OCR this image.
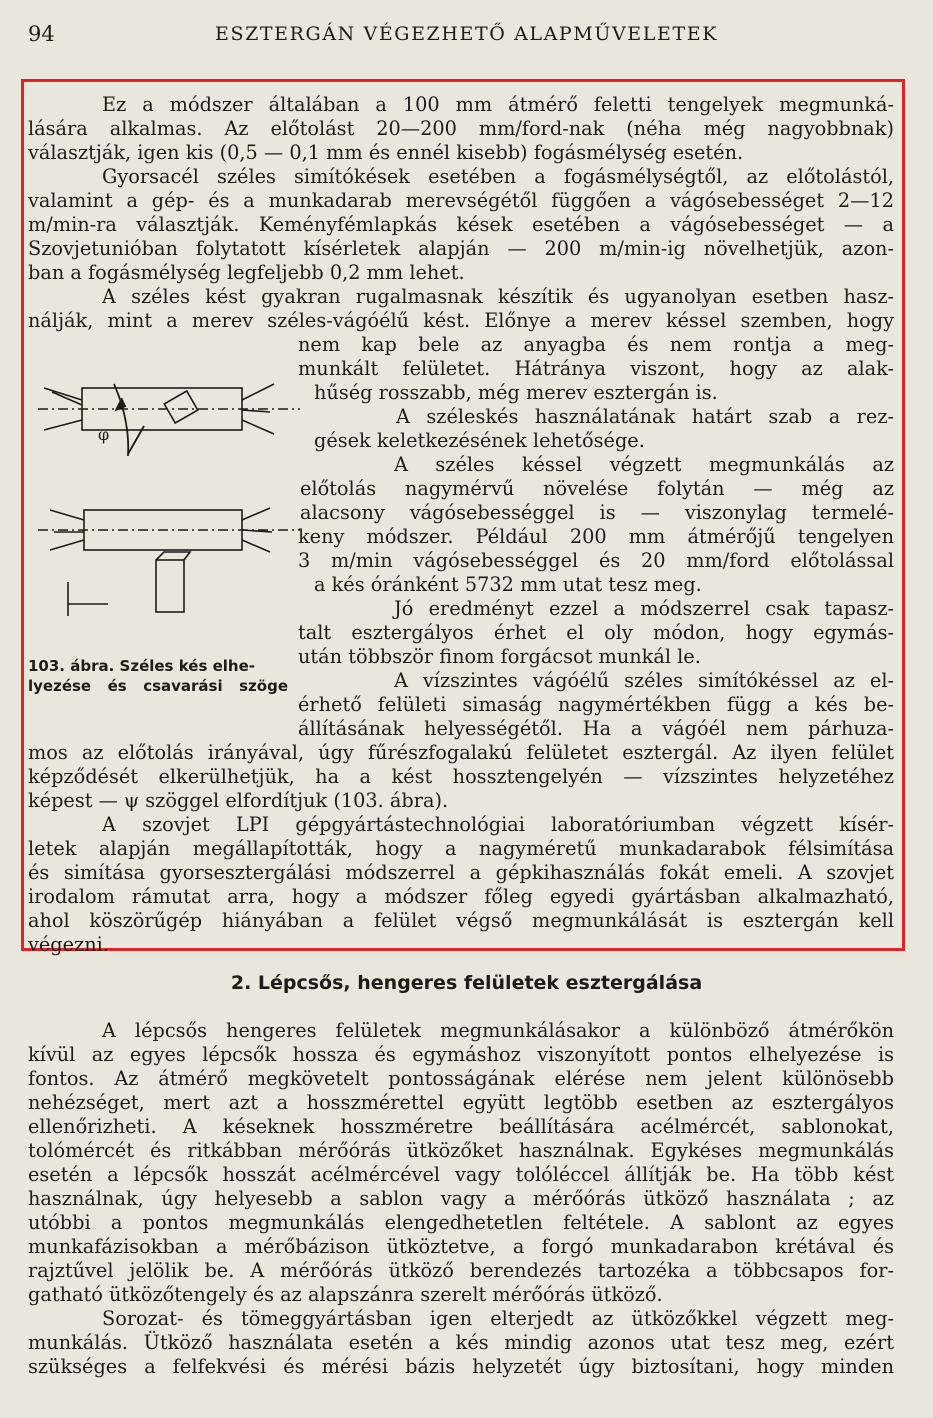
94	ESZTERGÁN VÉGEZHETŐ ALAPMŰVELETEK
Ez a módszer általában a 100 mm átmérő feletti tengelyek megmunká-
lására alkalmas. Az előtolást 20—200 mm/ford-nak (néha még nagyobbnak)
választják, igen kis (0,5 — 0,1 mm és ennél kisebb) fogásmélység esetén.
Gyorsacél széles simítókések esetében a fogásmélységtől, az előtolástól,
valamint a gép- és a munkadarab merevségétől függően a vágósebességet 2—12
m/min-ra választják. Keményfémlapkás kések esetében a vágósebességet — a
Szovjetunióban folytatott kísérletek alapján — 200 m/min-ig növelhetjük, azon-
ban a fogásmélység legfeljebb 0,2 mm lehet.
A széles kést gyakran rugalmasnak készítik és ugyanolyan esetben hasz-
nálják, mint a merev széles-vágóélű kést. Előnye a merev késsel szemben, hogy
nem kap bele az anyagba és nem rontja a meg-
munkált felületet. Hátránya viszont, hogy az alak-
hűség rosszabb, még merev esztergán is.
A széleskés használatának határt szab a rez-
gések keletkezésének lehetősége.
A széles késsel végzett megmunkálás az
előtolás nagymérvű növelése folytán — még az
alacsony vágósebességgel is — viszonylag termelé-
keny módszer. Például 200 mm átmérőjű tengelyen
3 m/min vágósebességgel és 20 mm/ford előtolással
a kés óránként 5732 mm utat tesz meg.
Jó eredményt ezzel a módszerrel csak tapasz-
talt esztergályos érhet el oly módon, hogy egymás-
után többször finom forgácsot munkál le.
A vízszintes vágóélű széles simítókéssel az el-
érhető felületi simaság nagymértékben függ a kés be-
állításának helyességétől. Ha a vágóél nem párhuza-
mos az előtolás irányával, úgy fűrészfogalakú felületet esztergál. Az ilyen felület
képződését elkerülhetjük, ha a kést hossztengelyén — vízszintes helyzetéhez
képest — ψ szöggel elfordítjuk (103. ábra).
A szovjet LPI gépgyártástechnológiai laboratóriumban végzett kísér-
letek alapján megállapították, hogy a nagyméretű munkadarabok félsimítása
és simítása gyorsesztergálási módszerrel a gépkihasználás fokát emeli. A szovjet
irodalom rámutat arra, hogy a módszer főleg egyedi gyártásban alkalmazható,
ahol köszörűgép hiányában a felület végső megmunkálását is esztergán kell
végezni.
φ
103. ábra. Széles kés elhe-

lyezése és csavarási szöge
2. Lépcsős, hengeres felületek esztergálása
A lépcsős hengeres felületek megmunkálásakor a különböző átmérőkön
kívül az egyes lépcsők hossza és egymáshoz viszonyított pontos elhelyezése is
fontos. Az átmérő megkövetelt pontosságának elérése nem jelent különösebb
nehézséget, mert azt a hosszmérettel együtt legtöbb esetben az esztergályos
ellenőrizheti. A késeknek hosszméretre beállítására acélmércét, sablonokat,
tolómércét és ritkábban mérőórás ütközőket használnak. Egykéses megmunkálás
esetén a lépcsők hosszát acélmércével vagy tolóléccel állítják be. Ha több kést
használnak, úgy helyesebb a sablon vagy a mérőórás ütköző használata ; az
utóbbi a pontos megmunkálás elengedhetetlen feltétele. A sablont az egyes
munkafázisokban a mérőbázison ütköztetve, a forgó munkadarabon krétával és
rajztűvel jelölik be. A mérőórás ütköző berendezés tartozéka a többcsapos for-
gatható ütközőtengely és az alapszánra szerelt mérőórás ütköző.
Sorozat- és tömeggyártásban igen elterjedt az ütközőkkel végzett meg-
munkálás. Ütköző használata esetén a kés mindig azonos utat tesz meg, ezért
szükséges a felfekvési és mérési bázis helyzetét úgy biztosítani, hogy minden
